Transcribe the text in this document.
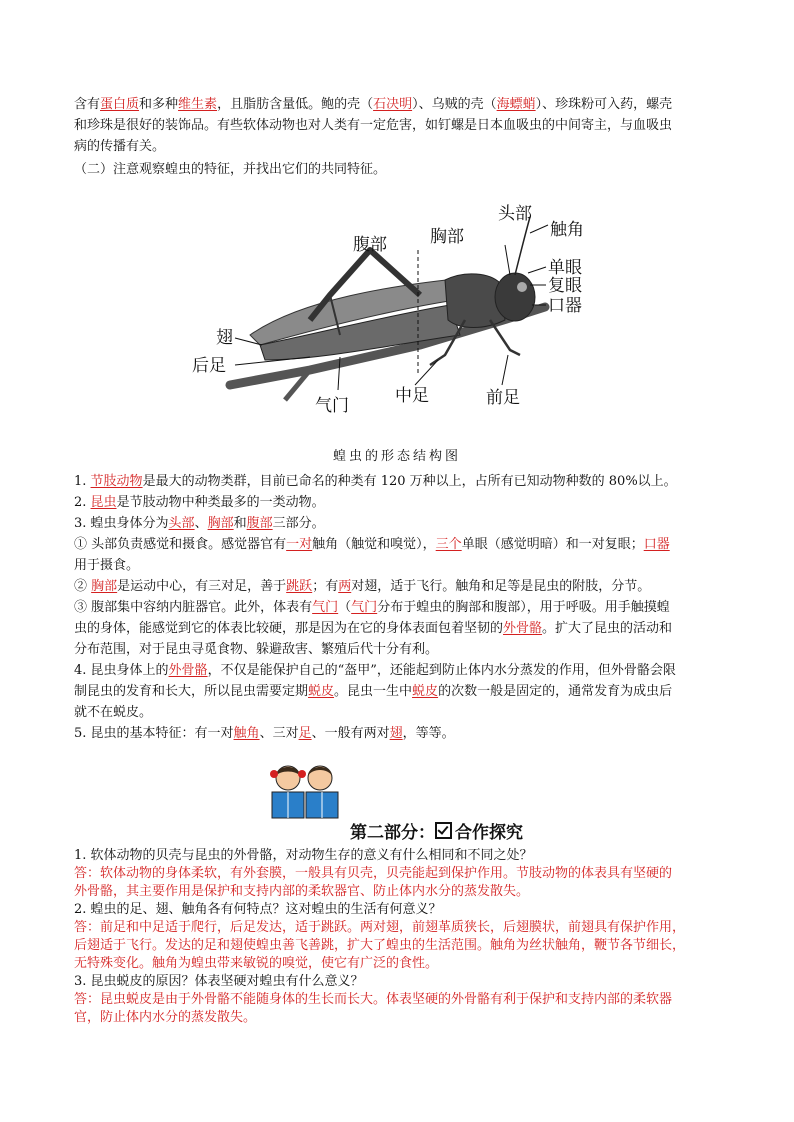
含有蛋白质和多种维生素，且脂肪含量低。鲍的壳（石决明）、乌贼的壳（海螵蛸）、珍珠粉可入药，螺壳
和珍珠是很好的装饰品。有些软体动物也对人类有一定危害，如钉螺是日本血吸虫的中间寄主，与血吸虫
病的传播有关。
（二）注意观察蝗虫的特征，并找出它们的共同特征。
腹部	胸部
头部
触角
单眼
复眼
口器
翅
后足
气门	中足	前足
蝗虫的形态结构图
1. 节肢动物是最大的动物类群，目前已命名的种类有 120 万种以上，占所有已知动物种数的 80%以上。
2. 昆虫是节肢动物中种类最多的一类动物。
3. 蝗虫身体分为头部、胸部和腹部三部分。
① 头部负责感觉和摄食。感觉器官有一对触角（触觉和嗅觉），三个单眼（感觉明暗）和一对复眼；口器
用于摄食。
② 胸部是运动中心，有三对足，善于跳跃；有两对翅，适于飞行。触角和足等是昆虫的附肢，分节。
③ 腹部集中容纳内脏器官。此外，体表有气门（气门分布于蝗虫的胸部和腹部），用于呼吸。用手触摸蝗
虫的身体，能感觉到它的体表比较硬，那是因为在它的身体表面包着坚韧的外骨骼。扩大了昆虫的活动和
分布范围，对于昆虫寻觅食物、躲避敌害、繁殖后代十分有利。
4. 昆虫身体上的外骨骼，不仅是能保护自己的“盔甲”，还能起到防止体内水分蒸发的作用，但外骨骼会限
制昆虫的发育和长大，所以昆虫需要定期蜕皮。昆虫一生中蜕皮的次数一般是固定的，通常发育为成虫后
就不在蜕皮。
5. 昆虫的基本特征：有一对触角、三对足、一般有两对翅，等等。
第二部分： 合作探究
1. 软体动物的贝壳与昆虫的外骨骼，对动物生存的意义有什么相同和不同之处？
答：软体动物的身体柔软，有外套膜，一般具有贝壳，贝壳能起到保护作用。节肢动物的体表具有坚硬的
外骨骼，其主要作用是保护和支持内部的柔软器官、防止体内水分的蒸发散失。
2. 蝗虫的足、翅、触角各有何特点？这对蝗虫的生活有何意义？
答：前足和中足适于爬行，后足发达，适于跳跃。两对翅，前翅革质狭长，后翅膜状，前翅具有保护作用，
后翅适于飞行。发达的足和翅使蝗虫善飞善跳，扩大了蝗虫的生活范围。触角为丝状触角，鞭节各节细长，
无特殊变化。触角为蝗虫带来敏锐的嗅觉，使它有广泛的食性。
3. 昆虫蜕皮的原因？体表坚硬对蝗虫有什么意义？
答：昆虫蜕皮是由于外骨骼不能随身体的生长而长大。体表坚硬的外骨骼有利于保护和支持内部的柔软器
官，防止体内水分的蒸发散失。
